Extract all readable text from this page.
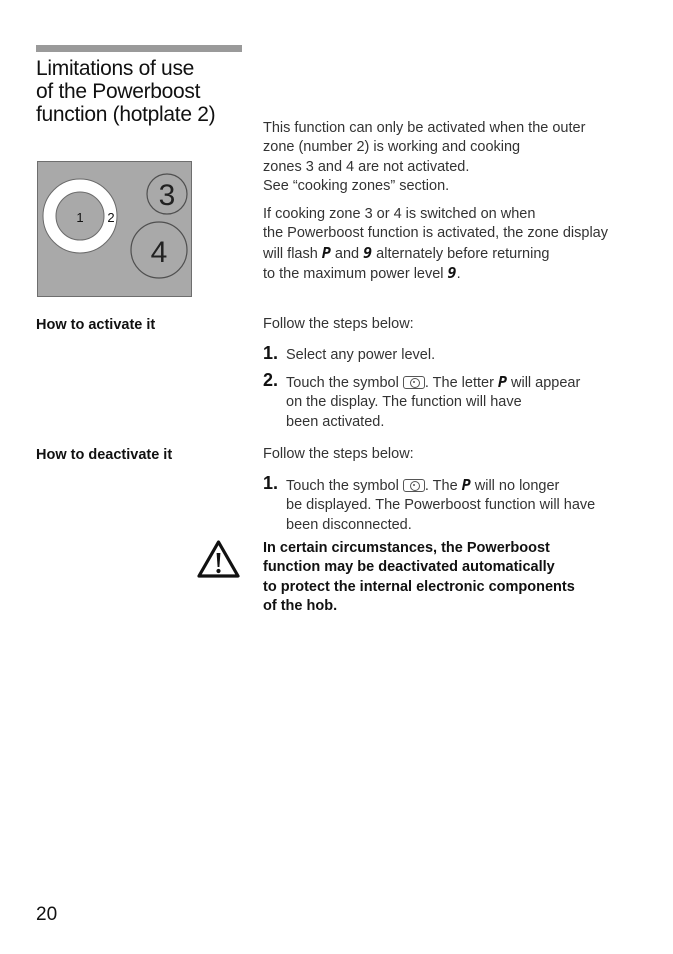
Limitations of use
of the Powerboost
function (hotplate 2)
1 2
3
4
This function can only be activated when the outer
zone (number 2) is working and cooking
zones 3 and 4 are not activated.
See “cooking zones” section.
If cooking zone 3 or 4 is switched on when
the Powerboost function is activated, the zone display
will flash P and 9 alternately before returning
to the maximum power level 9.
How to activate it	Follow the steps below:
1. Select any power level.
2. Touch the symbol . The letter P will appear
on the display. The function will have
been activated.
How to deactivate it	Follow the steps below:
1. Touch the symbol . The P will no longer
be displayed. The Powerboost function will have
been disconnected.
In certain circumstances, the Powerboost
function may be deactivated automatically
to protect the internal electronic components
of the hob.
20
